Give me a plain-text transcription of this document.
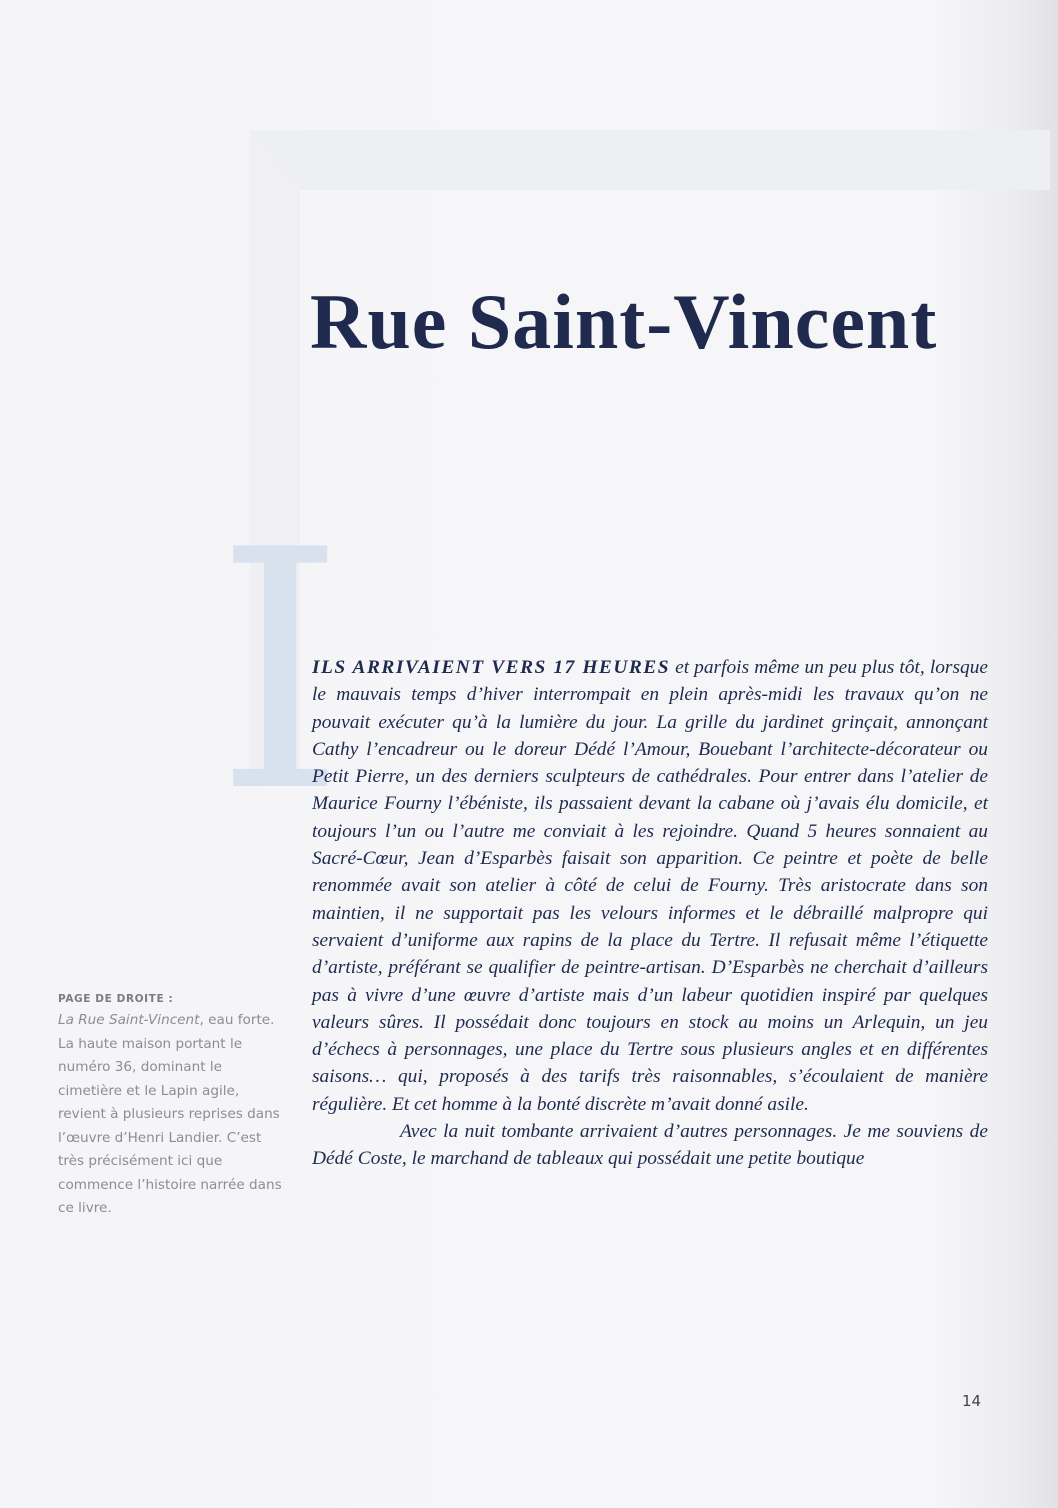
I
Rue Saint-Vincent

ILS ARRIVAIENT VERS 17 HEURES et parfois même un peu plus tôt, lorsque le mauvais temps d’hiver interrompait en plein après-midi les travaux qu’on ne pouvait exécuter qu’à la lumière du jour. La grille du jardinet grinçait, annonçant Cathy l’encadreur ou le doreur Dédé l’Amour, Bouebant l’architecte-décorateur ou Petit Pierre, un des derniers sculpteurs de cathédrales. Pour entrer dans l’atelier de Maurice Fourny l’ébéniste, ils passaient devant la cabane où j’avais élu domicile, et toujours l’un ou l’autre me conviait à les rejoindre. Quand 5 heures sonnaient au Sacré-Cœur, Jean d’Esparbès faisait son apparition. Ce peintre et poète de belle renommée avait son atelier à côté de celui de Fourny. Très aristocrate dans son maintien, il ne supportait pas les velours informes et le débraillé malpropre qui servaient d’uniforme aux rapins de la place du Tertre. Il refusait même l’étiquette d’artiste, préférant se qualifier de peintre-artisan. D’Esparbès ne cherchait d’ailleurs pas à vivre d’une œuvre d’artiste mais d’un labeur quotidien inspiré par quelques valeurs sûres. Il possédait donc toujours en stock au moins un Arlequin, un jeu d’échecs à personnages, une place du Tertre sous plusieurs angles et en différentes saisons… qui, proposés à des tarifs très raisonnables, s’écoulaient de manière régulière. Et cet homme à la bonté discrète m’avait donné asile.

Avec la nuit tombante arrivaient d’autres personnages. Je me souviens de Dédé Coste, le marchand de tableaux qui possédait une petite boutique

PAGE DE DROITE :
La Rue Saint-Vincent, eau forte.
La haute maison portant le numéro 36, dominant le cimetière et le Lapin agile, revient à plusieurs reprises dans l’œuvre d’Henri Landier. C’est très précisément ici que commence l’histoire narrée dans ce livre.
14
